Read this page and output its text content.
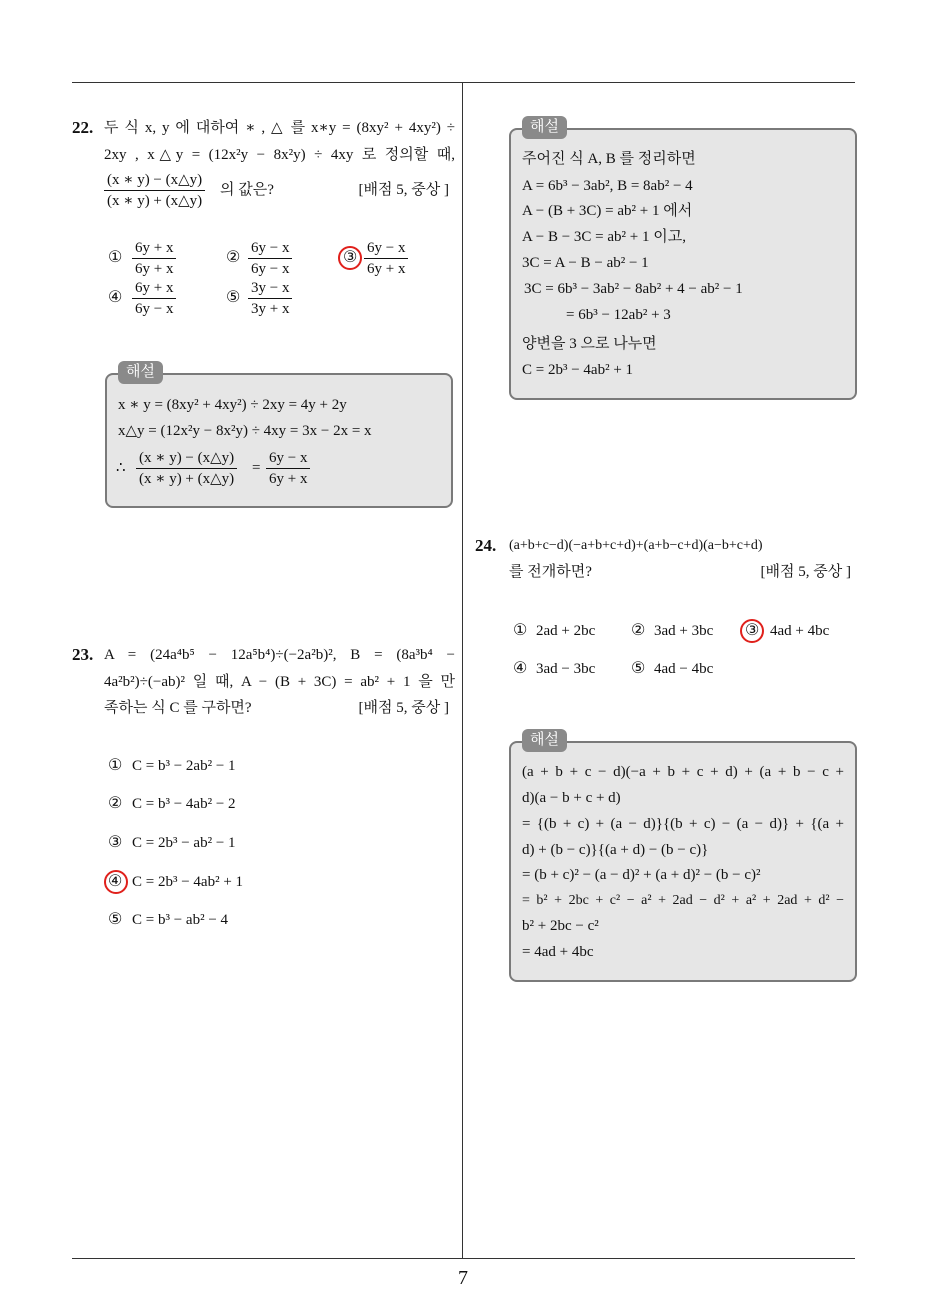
22. 두 식 x, y 에 대하여 ∗ , △ 를 x∗y = (8xy² + 4xy²) ÷
2xy , x△y = (12x²y − 8x²y) ÷ 4xy 로 정의할 때,
$\frac{(x ∗ y) - (x\triangle y)}{(x ∗ y) + (x\triangle y)}$ 의 값은?	[배점 5, 중상 ]
① $\frac{6y + x}{6y + x}$	② $\frac{6y - x}{6y - x}$	③ $\frac{6y - x}{6y + x}$
④ $\frac{6y + x}{6y - x}$	⑤ $\frac{3y - x}{3y + x}$
해설
x ∗ y = (8xy² + 4xy²) ÷ 2xy = 4y + 2y
x△y = (12x²y − 8x²y) ÷ 4xy = 3x − 2x = x
∴ $\frac{(x ∗ y) - (x\triangle y)}{(x ∗ y) + (x\triangle y)} = \frac{6y - x}{6y + x}$
23. A = (24a⁴b⁵ − 12a⁵b⁴)÷(−2a²b)², B = (8a³b⁴ −
4a²b²)÷(−ab)² 일 때, A − (B + 3C) = ab² + 1 을 만
족하는 식 C 를 구하면?	[배점 5, 중상 ]
① C = b³ − 2ab² − 1
② C = b³ − 4ab² − 2
③ C = 2b³ − ab² − 1
④ C = 2b³ − 4ab² + 1
⑤ C = b³ − ab² − 4
해설
주어진 식 A, B 를 정리하면
A = 6b³ − 3ab², B = 8ab² − 4
A − (B + 3C) = ab² + 1 에서
A − B − 3C = ab² + 1 이고,
3C = A − B − ab² − 1
3C = 6b³ − 3ab² − 8ab² + 4 − ab² − 1
= 6b³ − 12ab² + 3
양변을 3 으로 나누면
C = 2b³ − 4ab² + 1
24. (a+b+c−d)(−a+b+c+d)+(a+b−c+d)(a−b+c+d)
를 전개하면?	[배점 5, 중상 ]
① 2ad + 2bc ② 3ad + 3bc ③ 4ad + 4bc
④ 3ad − 3bc ⑤ 4ad − 4bc
해설
(a + b + c − d)(−a + b + c + d) + (a + b − c +
d)(a − b + c + d)
= {(b + c) + (a − d)}{(b + c) − (a − d)} + {(a +
d) + (b − c)}{(a + d) − (b − c)}
= (b + c)² − (a − d)² + (a + d)² − (b − c)²
= b² + 2bc + c² − a² + 2ad − d² + a² + 2ad + d² −
b² + 2bc − c²
= 4ad + 4bc
7
